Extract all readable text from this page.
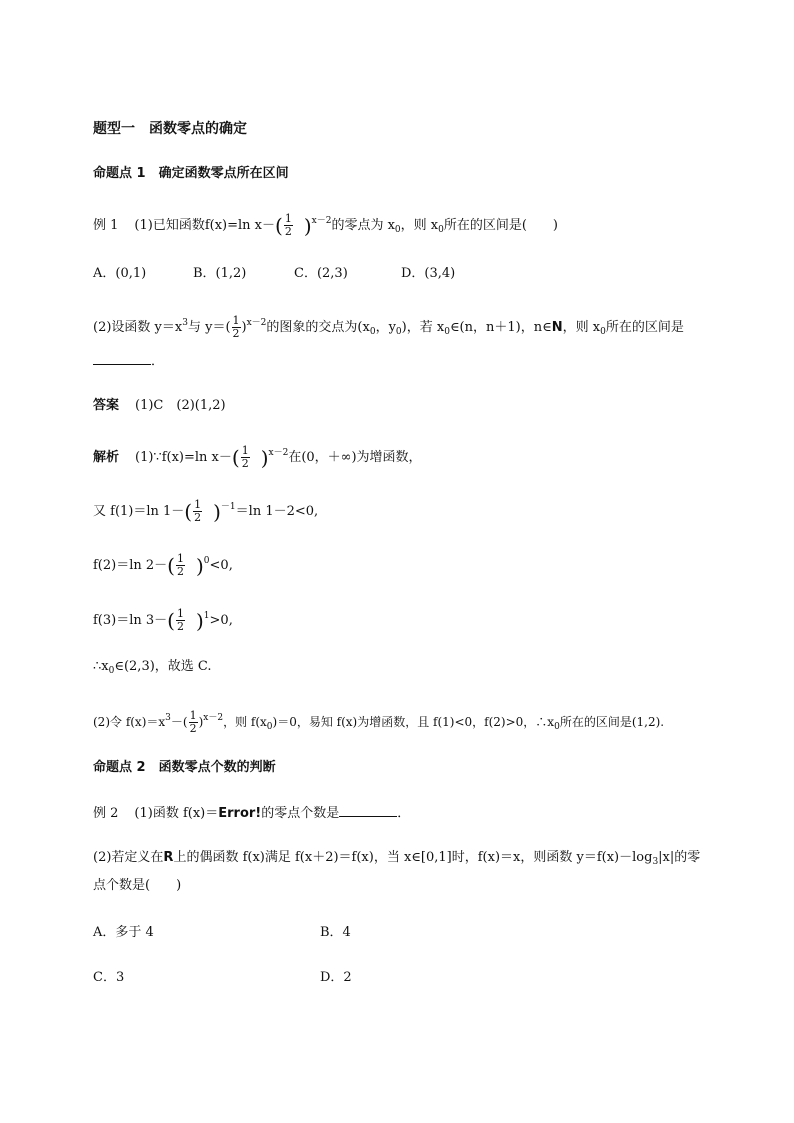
题型一　函数零点的确定
命题点 1　确定函数零点所在区间
例 1 (1)已知函数f(x)=ln $x-( \frac{1}{2} )^{x-2}$的零点为 $x_0$，则 $x_0$所在的区间是(　　)
A．(0,1)	B．(1,2)	C．(2,3)	D．(3,4)
(2)设函数 $y=x^3$与 $y=( \frac{1}{2} )^{x-2}$的图象的交点为($x_0$，$y_0$)，若 $x_0\in(n$，n＋1)，n∈N，则 $x_0$所在的区间是
．
答案 (1)C　(2)(1,2)
解析 (1)∵f(x)=ln $x-( \frac{1}{2} )^{x-2}$在(0，＋∞)为增函数，
又 f(1)＝ln $1-( \frac{1}{2} )^{-1}=\ln$ 1－2<0,
f(2)＝ln $2-( \frac{1}{2} )^0<0$,
f(3)＝ln $3-( \frac{1}{2} )^1>0$,
$\therefore x_0\in(2,3)$，故选 C.
(2)令 $f(x)=x^3-( \frac{1}{2} )^{x-2}$，则 $f(x_0)=0$，易知 f(x)为增函数，且 f(1)<0，f(2)>0，$\therefore x_0$所在的区间是(1,2).
命题点 2　函数零点个数的判断
例 2 (1)函数 f(x)＝Error!的零点个数是	．
(2)若定义在R上的偶函数 f(x)满足 f(x＋2)＝f(x)，当 x∈[0,1]时，f(x)＝x，则函数 $y=f(x)-\log_3|x|$的零
点个数是(　　)
A．多于 4	B．4
C．3	D．2
